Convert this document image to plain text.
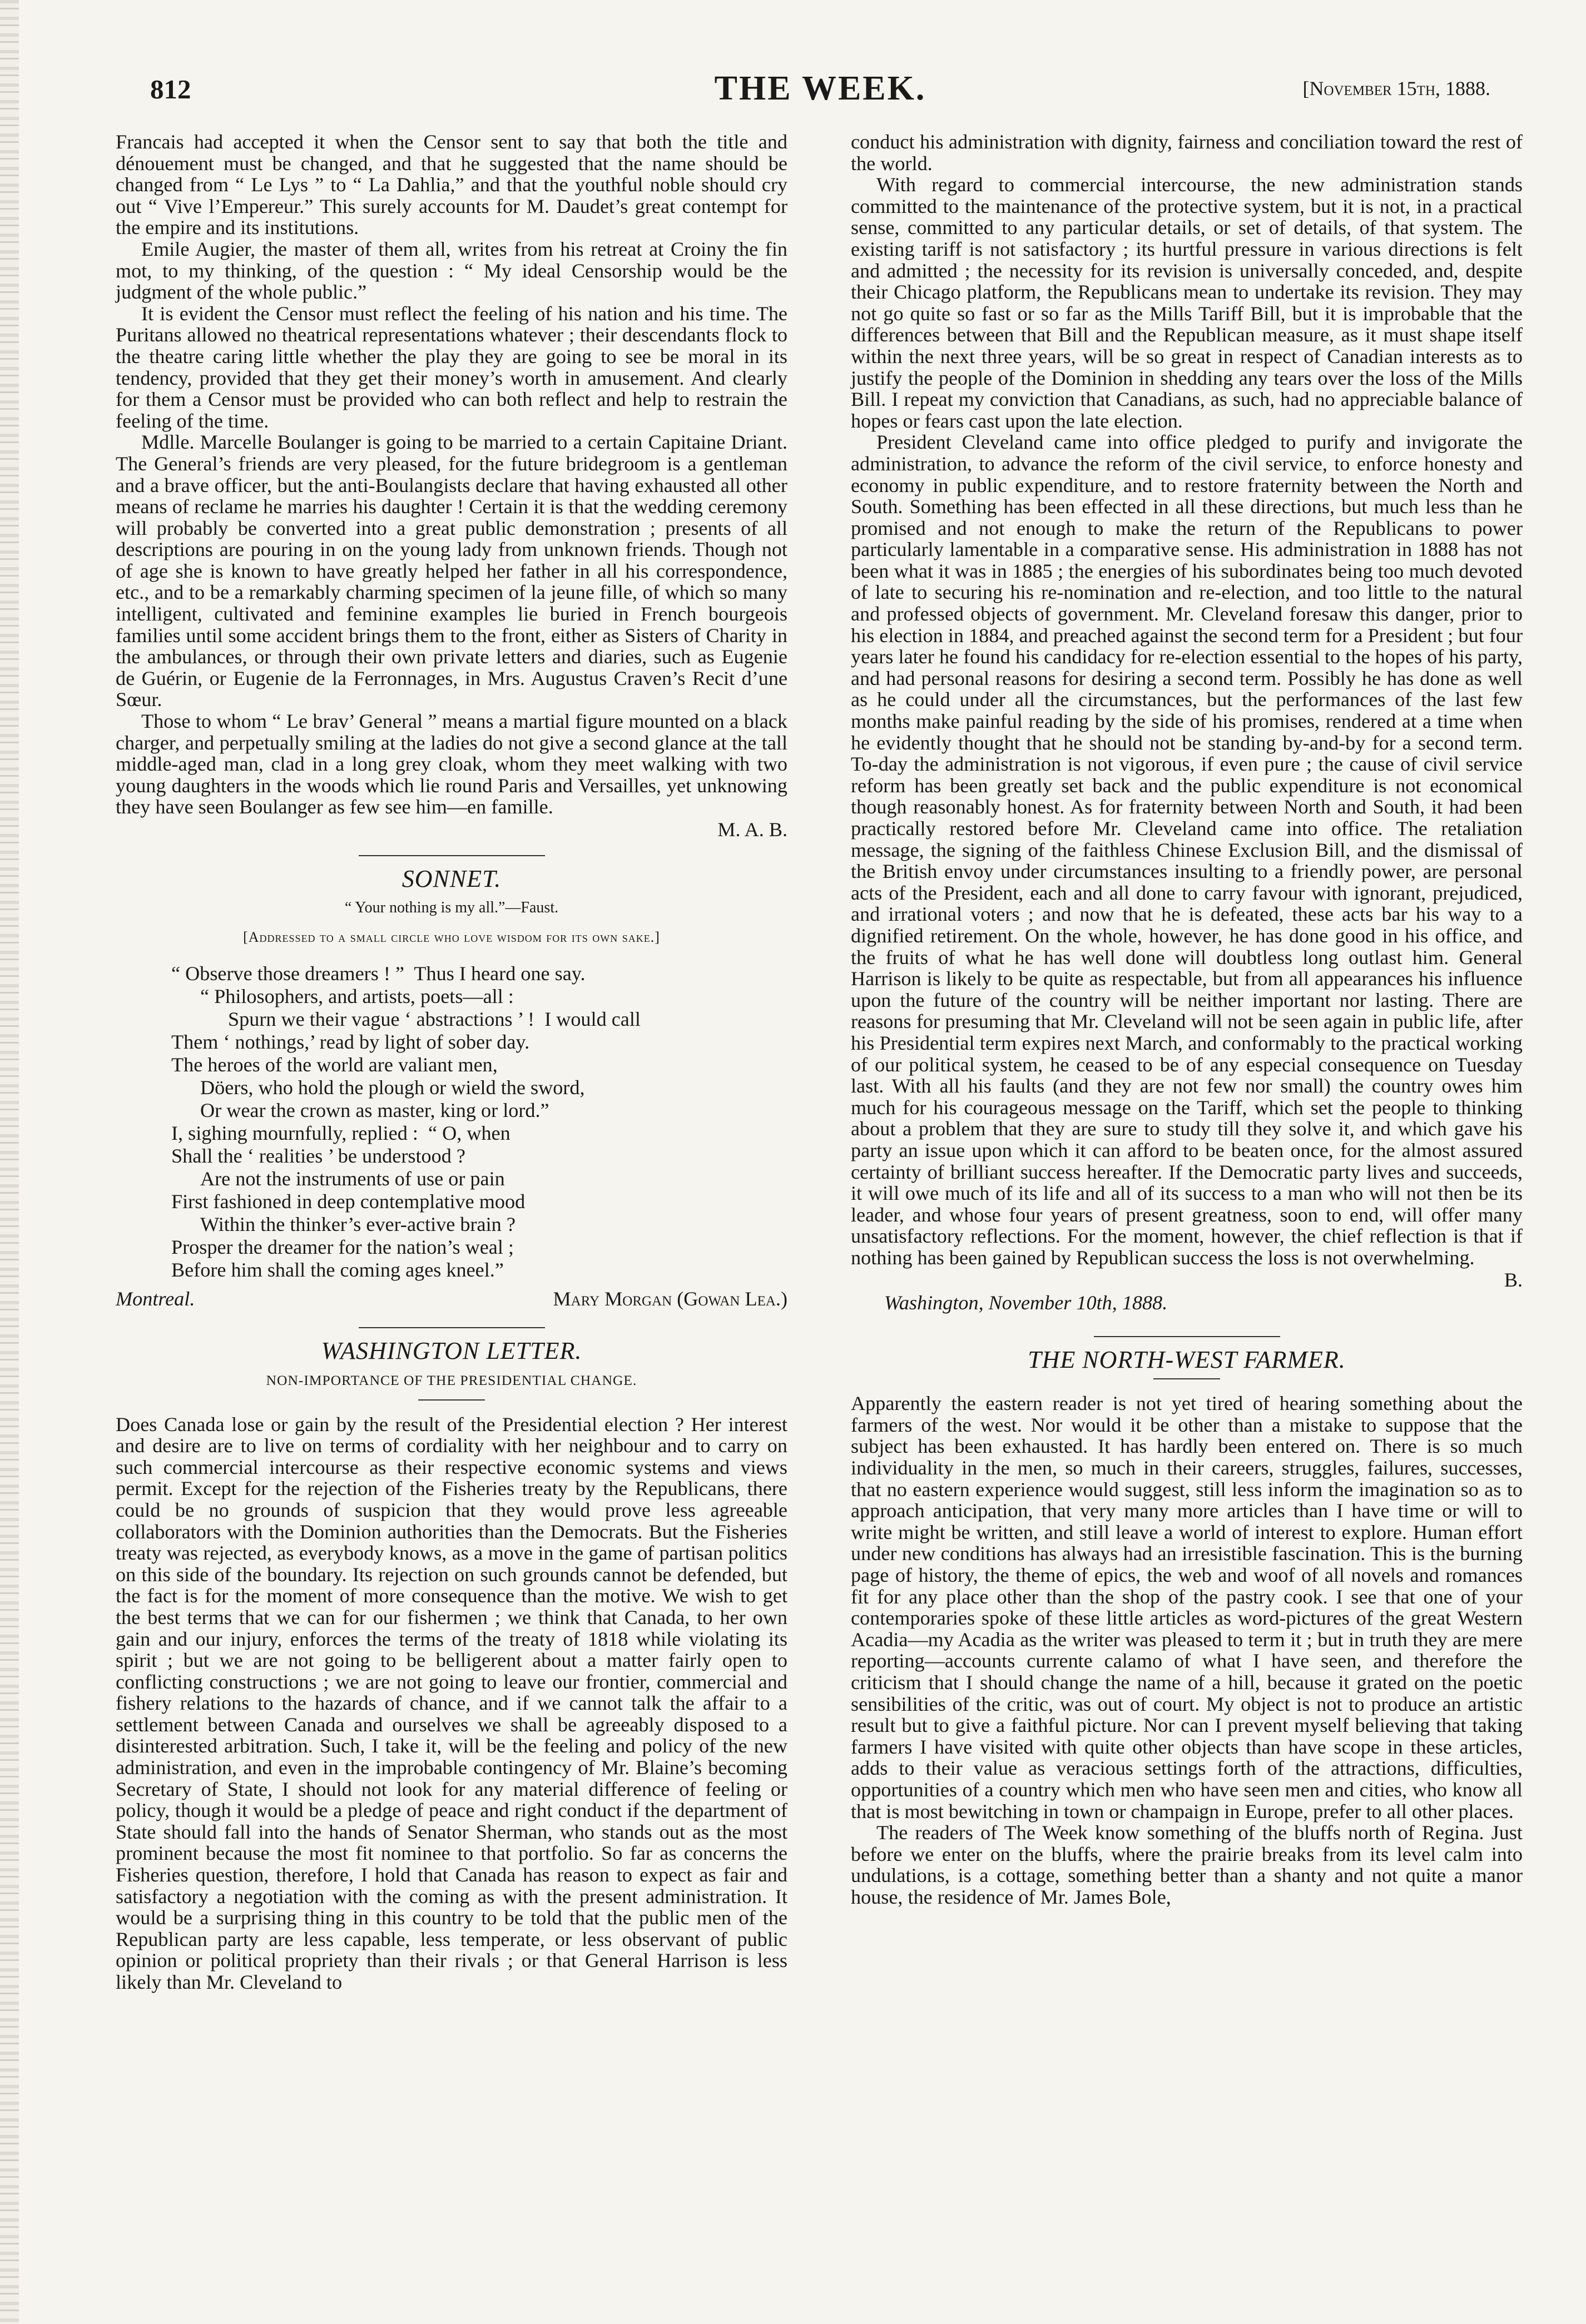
812	THE WEEK.	[November 15th, 1888.

Francais had accepted it when the Censor sent to say that both the title and dénouement must be changed, and that he suggested that the name should be changed from “ Le Lys ” to “ La Dahlia,” and that the youthful noble should cry out “ Vive l’Empereur.” This surely accounts for M. Daudet’s great contempt for the empire and its institutions.

Emile Augier, the master of them all, writes from his retreat at Croiny the fin mot, to my thinking, of the question : “ My ideal Censorship would be the judgment of the whole public.”

It is evident the Censor must reflect the feeling of his nation and his time. The Puritans allowed no theatrical representations whatever ; their descendants flock to the theatre caring little whether the play they are going to see be moral in its tendency, provided that they get their money’s worth in amusement. And clearly for them a Censor must be provided who can both reflect and help to restrain the feeling of the time.

Mdlle. Marcelle Boulanger is going to be married to a certain Capitaine Driant. The General’s friends are very pleased, for the future bridegroom is a gentleman and a brave officer, but the anti-Boulangists declare that having exhausted all other means of reclame he marries his daughter ! Certain it is that the wedding ceremony will probably be converted into a great public demonstration ; presents of all descriptions are pouring in on the young lady from unknown friends. Though not of age she is known to have greatly helped her father in all his correspondence, etc., and to be a remarkably charming specimen of la jeune fille, of which so many intelligent, cultivated and feminine examples lie buried in French bourgeois families until some accident brings them to the front, either as Sisters of Charity in the ambulances, or through their own private letters and diaries, such as Eugenie de Guérin, or Eugenie de la Ferronnages, in Mrs. Augustus Craven’s Recit d’une Sœur.

Those to whom “ Le brav’ General ” means a martial figure mounted on a black charger, and perpetually smiling at the ladies do not give a second glance at the tall middle-aged man, clad in a long grey cloak, whom they meet walking with two young daughters in the woods which lie round Paris and Versailles, yet unknowing they have seen Boulanger as few see him—en famille.

M. A. B.
SONNET.
“ Your nothing is my all.”—Faust.
[Addressed to a small circle who love wisdom for its own sake.]
“ Observe those dreamers ! ”  Thus I heard one say.
“ Philosophers, and artists, poets—all :
Spurn we their vague ‘ abstractions ’ !  I would call
Them ‘ nothings,’ read by light of sober day.
The heroes of the world are valiant men,
Döers, who hold the plough or wield the sword,
Or wear the crown as master, king or lord.”
I, sighing mournfully, replied :  “ O, when
Shall the ‘ realities ’ be understood ?
Are not the instruments of use or pain
First fashioned in deep contemplative mood
Within the thinker’s ever-active brain ?
Prosper the dreamer for the nation’s weal ;
Before him shall the coming ages kneel.”
Montreal.	Mary Morgan (Gowan Lea.)
WASHINGTON LETTER.
NON-IMPORTANCE OF THE PRESIDENTIAL CHANGE.

Does Canada lose or gain by the result of the Presidential election ? Her interest and desire are to live on terms of cordiality with her neighbour and to carry on such commercial intercourse as their respective economic systems and views permit. Except for the rejection of the Fisheries treaty by the Republicans, there could be no grounds of suspicion that they would prove less agreeable collaborators with the Dominion authorities than the Democrats. But the Fisheries treaty was rejected, as everybody knows, as a move in the game of partisan politics on this side of the boundary. Its rejection on such grounds cannot be defended, but the fact is for the moment of more consequence than the motive. We wish to get the best terms that we can for our fishermen ; we think that Canada, to her own gain and our injury, enforces the terms of the treaty of 1818 while violating its spirit ; but we are not going to be belligerent about a matter fairly open to conflicting constructions ; we are not going to leave our frontier, commercial and fishery relations to the hazards of chance, and if we cannot talk the affair to a settlement between Canada and ourselves we shall be agreeably disposed to a disinterested arbitration. Such, I take it, will be the feeling and policy of the new administration, and even in the improbable contingency of Mr. Blaine’s becoming Secretary of State, I should not look for any material difference of feeling or policy, though it would be a pledge of peace and right conduct if the department of State should fall into the hands of Senator Sherman, who stands out as the most prominent because the most fit nominee to that portfolio. So far as concerns the Fisheries question, therefore, I hold that Canada has reason to expect as fair and satisfactory a negotiation with the coming as with the present administration. It would be a surprising thing in this country to be told that the public men of the Republican party are less capable, less temperate, or less observant of public opinion or political propriety than their rivals ; or that General Harrison is less likely than Mr. Cleveland to

conduct his administration with dignity, fairness and conciliation toward the rest of the world.

With regard to commercial intercourse, the new administration stands committed to the maintenance of the protective system, but it is not, in a practical sense, committed to any particular details, or set of details, of that system. The existing tariff is not satisfactory ; its hurtful pressure in various directions is felt and admitted ; the necessity for its revision is universally conceded, and, despite their Chicago platform, the Republicans mean to undertake its revision. They may not go quite so fast or so far as the Mills Tariff Bill, but it is improbable that the differences between that Bill and the Republican measure, as it must shape itself within the next three years, will be so great in respect of Canadian interests as to justify the people of the Dominion in shedding any tears over the loss of the Mills Bill. I repeat my conviction that Canadians, as such, had no appreciable balance of hopes or fears cast upon the late election.

President Cleveland came into office pledged to purify and invigorate the administration, to advance the reform of the civil service, to enforce honesty and economy in public expenditure, and to restore fraternity between the North and South. Something has been effected in all these directions, but much less than he promised and not enough to make the return of the Republicans to power particularly lamentable in a comparative sense. His administration in 1888 has not been what it was in 1885 ; the energies of his subordinates being too much devoted of late to securing his re-nomination and re-election, and too little to the natural and professed objects of government. Mr. Cleveland foresaw this danger, prior to his election in 1884, and preached against the second term for a President ; but four years later he found his candidacy for re-election essential to the hopes of his party, and had personal reasons for desiring a second term. Possibly he has done as well as he could under all the circumstances, but the performances of the last few months make painful reading by the side of his promises, rendered at a time when he evidently thought that he should not be standing by-and-by for a second term. To-day the administration is not vigorous, if even pure ; the cause of civil service reform has been greatly set back and the public expenditure is not economical though reasonably honest. As for fraternity between North and South, it had been practically restored before Mr. Cleveland came into office. The retaliation message, the signing of the faithless Chinese Exclusion Bill, and the dismissal of the British envoy under circumstances insulting to a friendly power, are personal acts of the President, each and all done to carry favour with ignorant, prejudiced, and irrational voters ; and now that he is defeated, these acts bar his way to a dignified retirement. On the whole, however, he has done good in his office, and the fruits of what he has well done will doubtless long outlast him. General Harrison is likely to be quite as respectable, but from all appearances his influence upon the future of the country will be neither important nor lasting. There are reasons for presuming that Mr. Cleveland will not be seen again in public life, after his Presidential term expires next March, and conformably to the practical working of our political system, he ceased to be of any especial consequence on Tuesday last. With all his faults (and they are not few nor small) the country owes him much for his courageous message on the Tariff, which set the people to thinking about a problem that they are sure to study till they solve it, and which gave his party an issue upon which it can afford to be beaten once, for the almost assured certainty of brilliant success hereafter. If the Democratic party lives and succeeds, it will owe much of its life and all of its success to a man who will not then be its leader, and whose four years of present greatness, soon to end, will offer many unsatisfactory reflections. For the moment, however, the chief reflection is that if nothing has been gained by Republican success the loss is not overwhelming.

B.
Washington, November 10th, 1888.
THE NORTH-WEST FARMER.

Apparently the eastern reader is not yet tired of hearing something about the farmers of the west. Nor would it be other than a mistake to suppose that the subject has been exhausted. It has hardly been entered on. There is so much individuality in the men, so much in their careers, struggles, failures, successes, that no eastern experience would suggest, still less inform the imagination so as to approach anticipation, that very many more articles than I have time or will to write might be written, and still leave a world of interest to explore. Human effort under new conditions has always had an irresistible fascination. This is the burning page of history, the theme of epics, the web and woof of all novels and romances fit for any place other than the shop of the pastry cook. I see that one of your contemporaries spoke of these little articles as word-pictures of the great Western Acadia—my Acadia as the writer was pleased to term it ; but in truth they are mere reporting—accounts currente calamo of what I have seen, and therefore the criticism that I should change the name of a hill, because it grated on the poetic sensibilities of the critic, was out of court. My object is not to produce an artistic result but to give a faithful picture. Nor can I prevent myself believing that taking farmers I have visited with quite other objects than have scope in these articles, adds to their value as veracious settings forth of the attractions, difficulties, opportunities of a country which men who have seen men and cities, who know all that is most bewitching in town or champaign in Europe, prefer to all other places.

The readers of The Week know something of the bluffs north of Regina. Just before we enter on the bluffs, where the prairie breaks from its level calm into undulations, is a cottage, something better than a shanty and not quite a manor house, the residence of Mr. James Bole,
